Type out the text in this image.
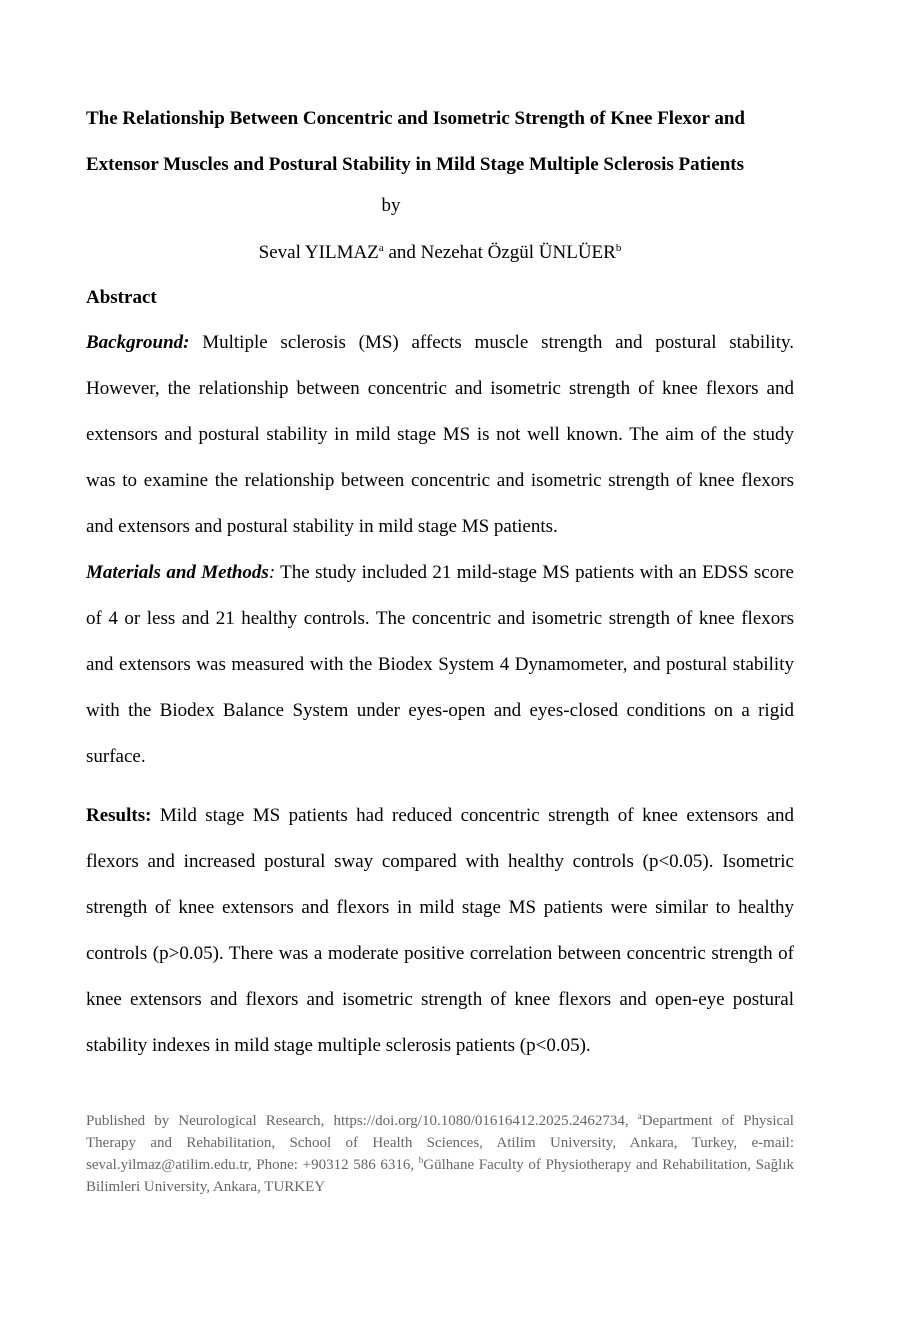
The Relationship Between Concentric and Isometric Strength of Knee Flexor and
Extensor Muscles and Postural Stability in Mild Stage Multiple Sclerosis Patients
by
Seval YILMAZ$^a$ and Nezehat Özgül ÜNLÜER$^b$
Abstract
Background: Multiple sclerosis (MS) affects muscle strength and postural stability. However, the relationship between concentric and isometric strength of knee flexors and extensors and postural stability in mild stage MS is not well known. The aim of the study was to examine the relationship between concentric and isometric strength of knee flexors and extensors and postural stability in mild stage MS patients.
Materials and Methods: The study included 21 mild-stage MS patients with an EDSS score of 4 or less and 21 healthy controls. The concentric and isometric strength of knee flexors and extensors was measured with the Biodex System 4 Dynamometer, and postural stability with the Biodex Balance System under eyes-open and eyes-closed conditions on a rigid surface.
Results: Mild stage MS patients had reduced concentric strength of knee extensors and flexors and increased postural sway compared with healthy controls (p<0.05). Isometric strength of knee extensors and flexors in mild stage MS patients were similar to healthy controls (p>0.05). There was a moderate positive correlation between concentric strength of knee extensors and flexors and isometric strength of knee flexors and open-eye postural stability indexes in mild stage multiple sclerosis patients (p<0.05).
Published by Neurological Research, https://doi.org/10.1080/01616412.2025.2462734, $^a$Department of Physical Therapy and Rehabilitation, School of Health Sciences, Atilim University, Ankara, Turkey, e-mail: seval.yilmaz@atilim.edu.tr, Phone: +90312 586 6316, $^b$Gülhane Faculty of Physiotherapy and Rehabilitation, Sağlık Bilimleri University, Ankara, TURKEY
